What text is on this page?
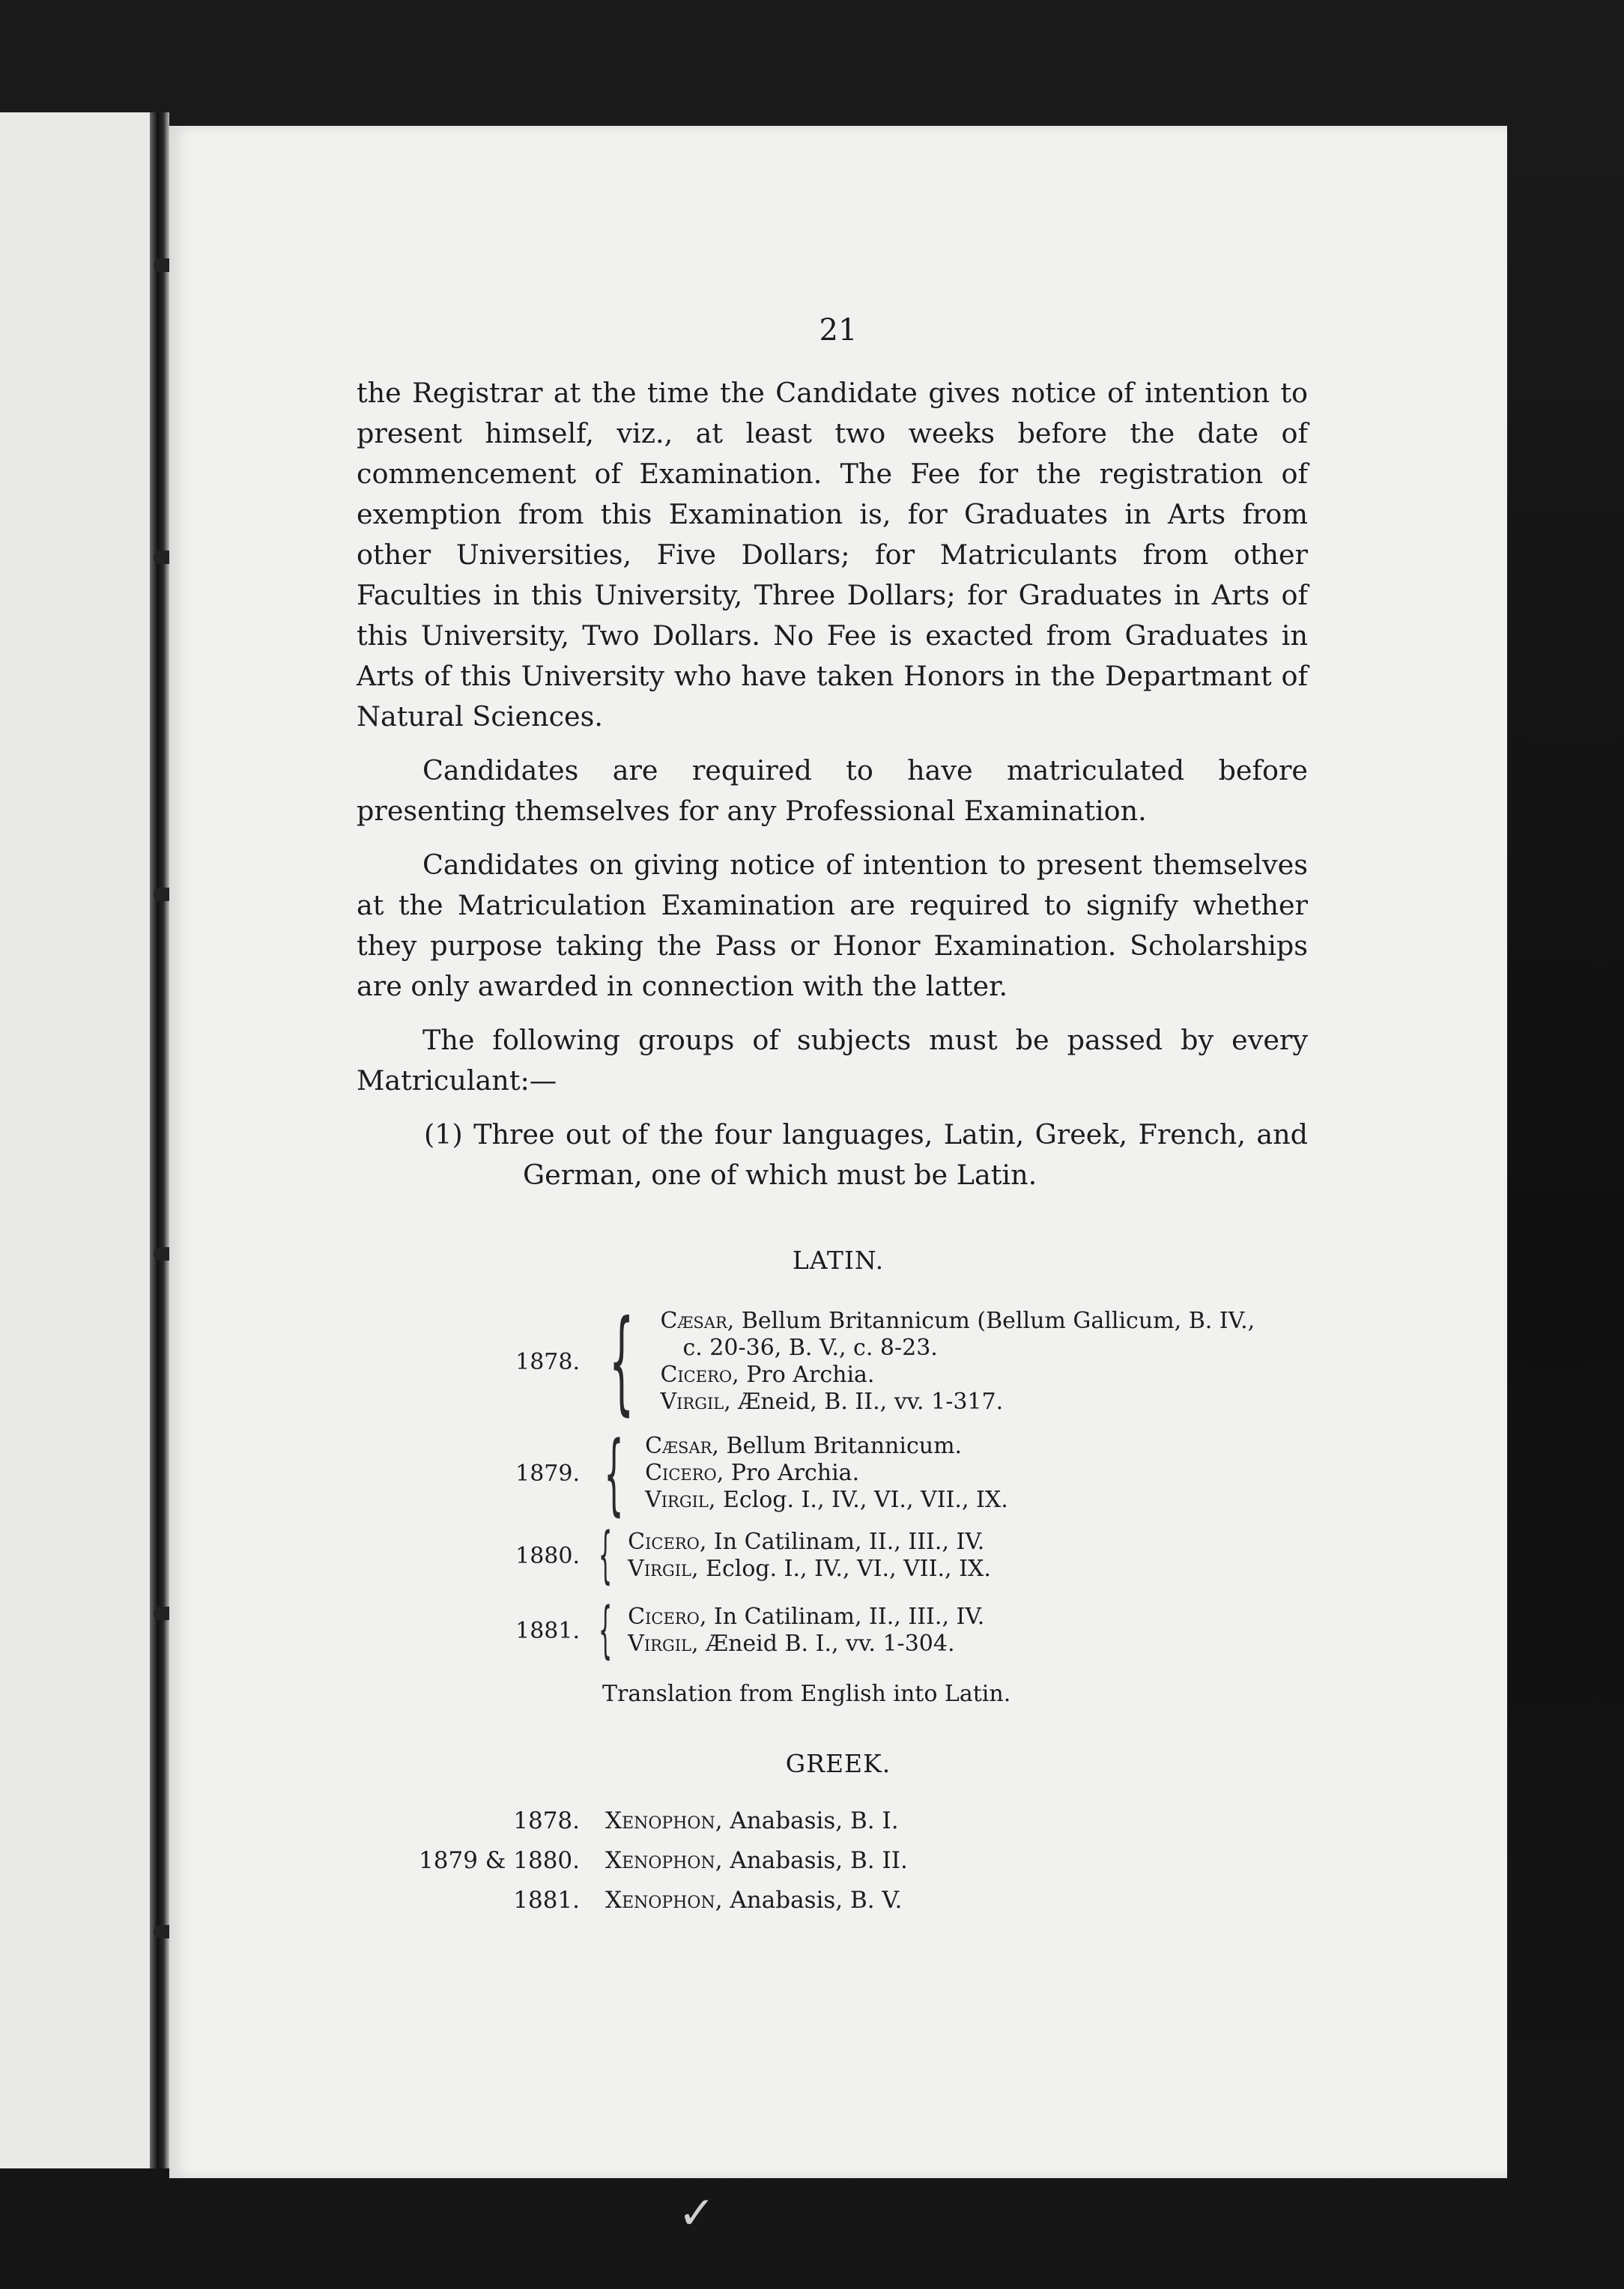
✓
21

the Registrar at the time the Candidate gives notice of intention to present himself, viz., at least two weeks before the date of commencement of Examination. The Fee for the registration of exemption from this Examination is, for Graduates in Arts from other Universities, Five Dollars; for Matriculants from other Faculties in this University, Three Dollars; for Graduates in Arts of this University, Two Dollars. No Fee is exacted from Graduates in Arts of this University who have taken Honors in the Departmant of Natural Sciences.

Candidates are required to have matriculated before presenting themselves for any Professional Examination.

Candidates on giving notice of intention to present themselves at the Matriculation Examination are required to signify whether they purpose taking the Pass or Honor Examination. Scholarships are only awarded in connection with the latter.

The following groups of subjects must be passed by every Matriculant:—

(1) Three out of the four languages, Latin, Greek, French, and German, one of which must be Latin.

LATIN.
1878. { Cæsar, Bellum Britannicum (Bellum Gallicum, B. IV.,
c. 20-36, B. V., c. 8-23.
Cicero, Pro Archia.
Virgil, Æneid, B. II., vv. 1-317.
1879. { Cæsar, Bellum Britannicum.
Cicero, Pro Archia.
Virgil, Eclog. I., IV., VI., VII., IX.
1880. { Cicero, In Catilinam, II., III., IV.
Virgil, Eclog. I., IV., VI., VII., IX.
1881. { Cicero, In Catilinam, II., III., IV.
Virgil, Æneid B. I., vv. 1-304.
Translation from English into Latin.
GREEK.
1878.	Xenophon, Anabasis, B. I.
1879 & 1880.	Xenophon, Anabasis, B. II.
1881.	Xenophon, Anabasis, B. V.
